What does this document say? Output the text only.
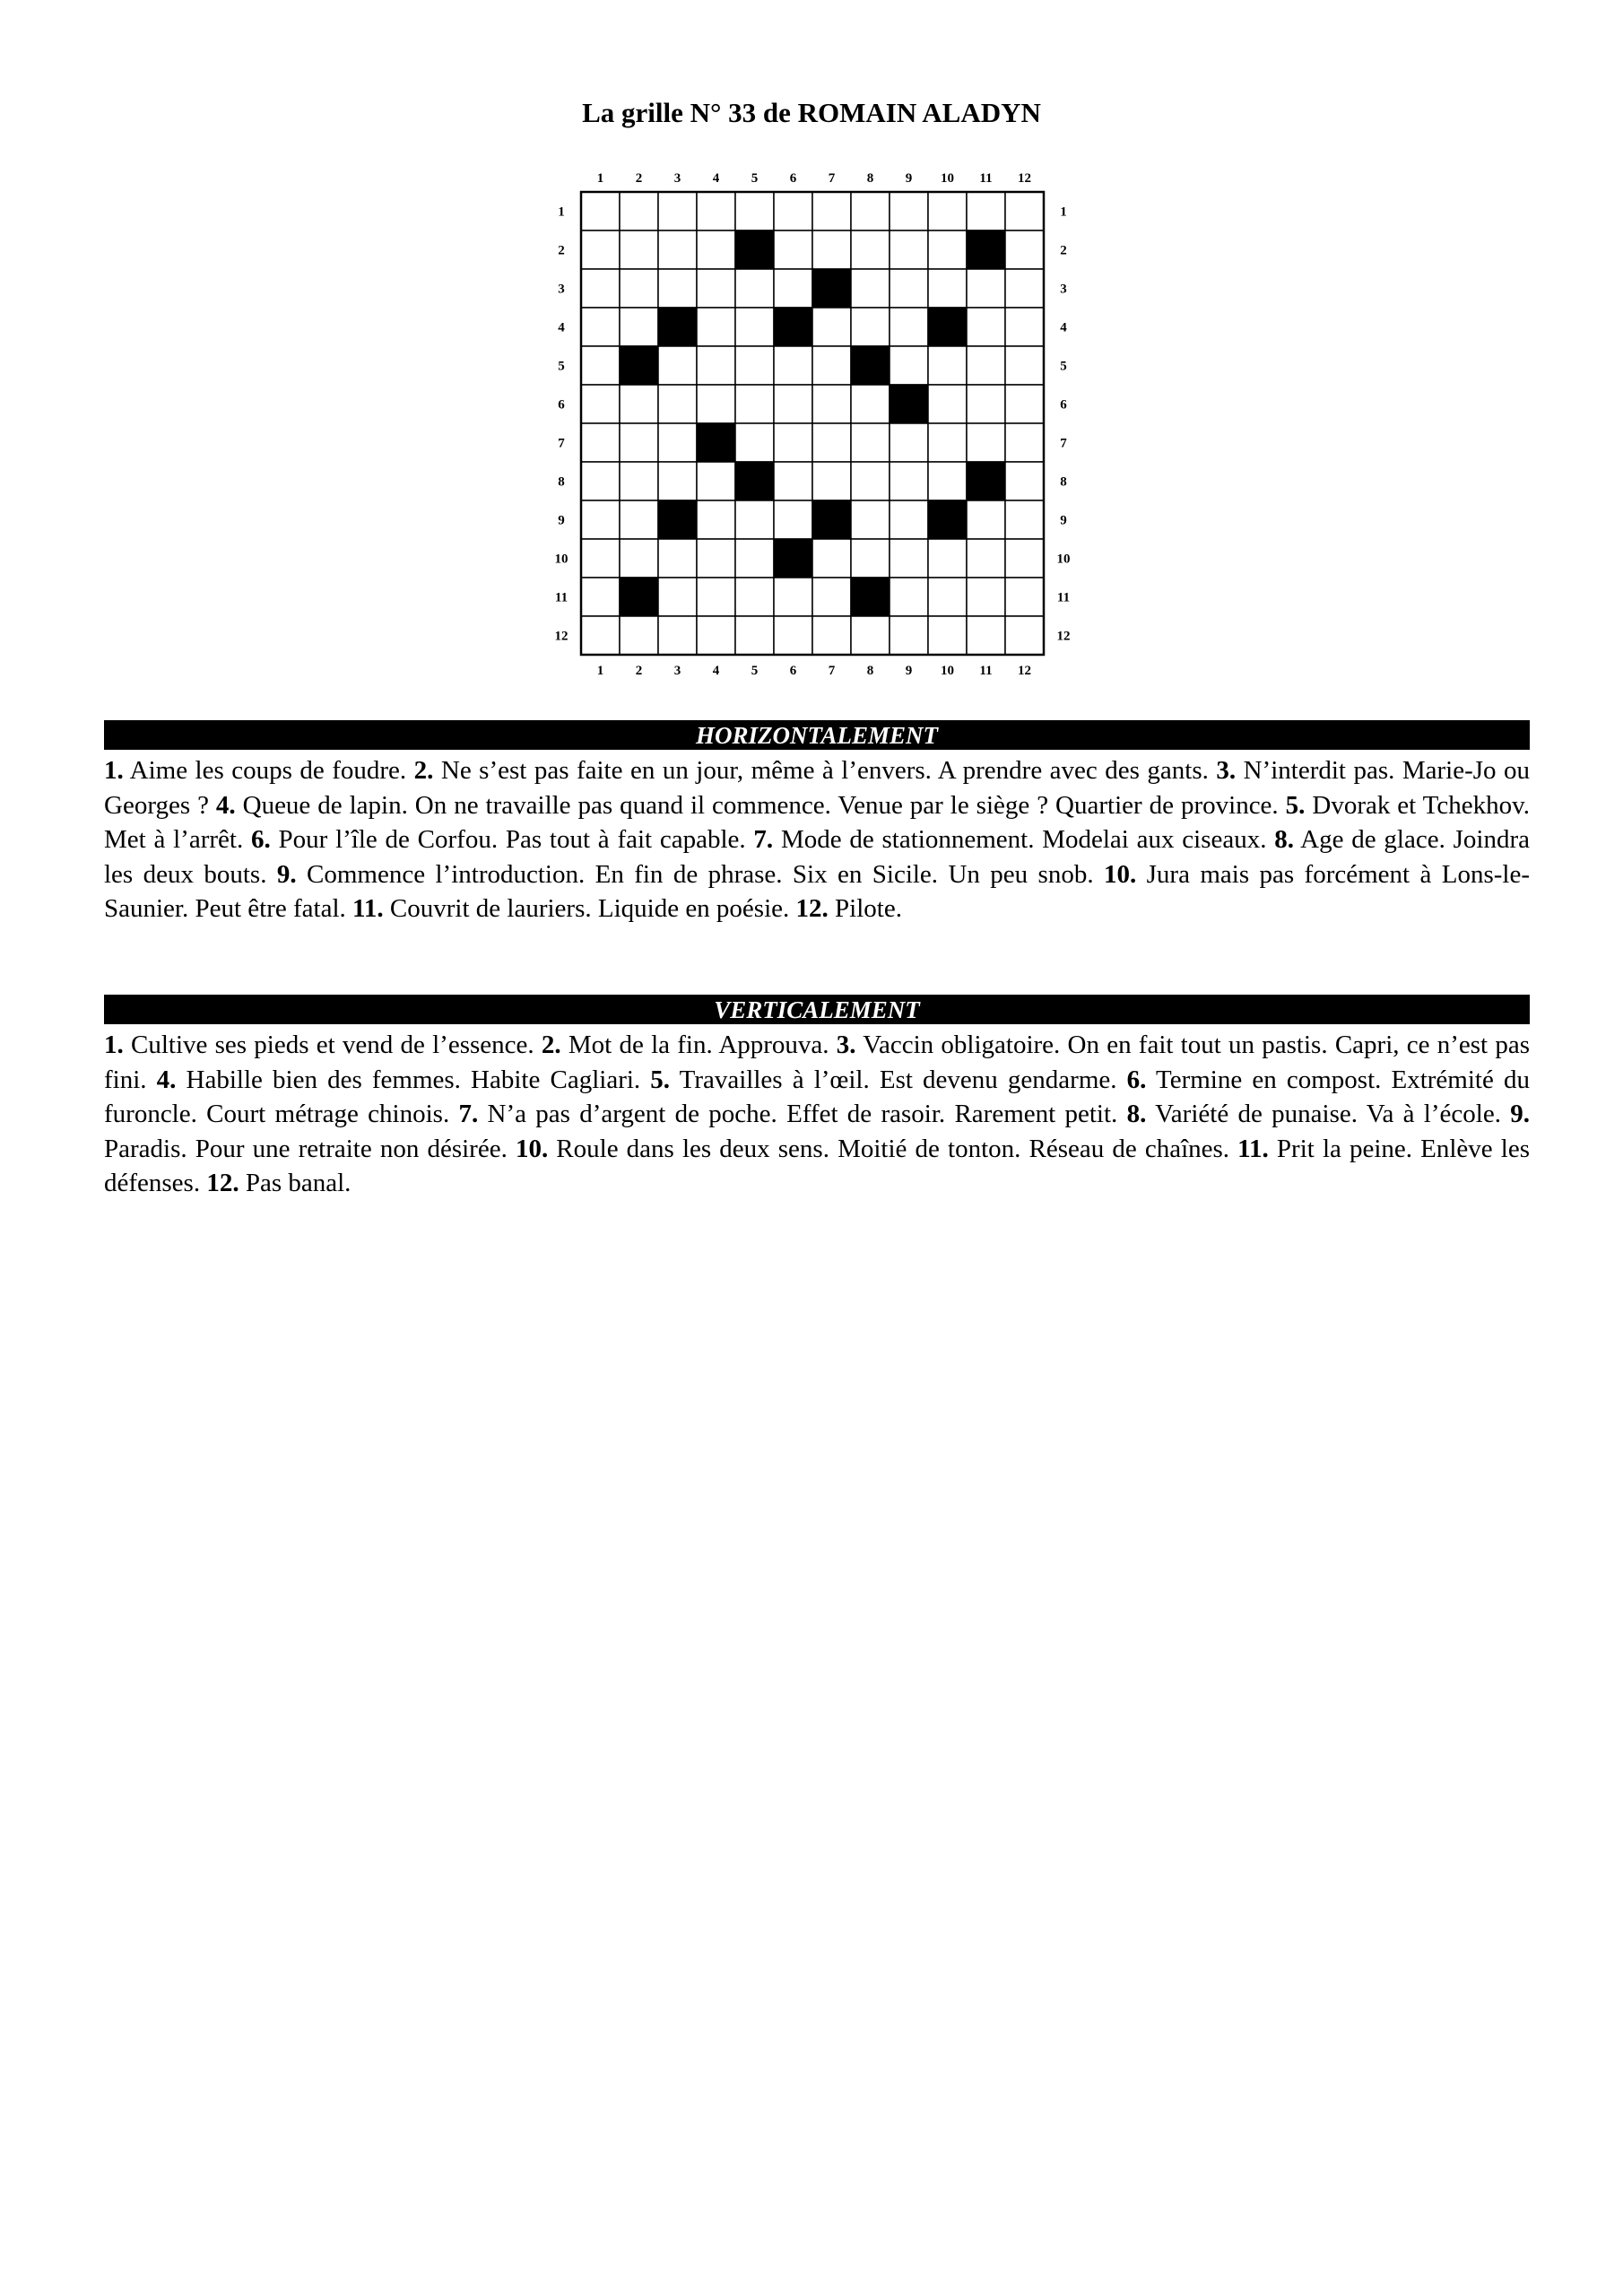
La grille N° 33 de ROMAIN ALADYN
1
1
2
2
3
3
4
4
5
5
6
6
7
7
8
8
9
9
10
10
11
11
12
12
1	1
2	2
3	3
4	4
5	5
6	6
7	7
8	8
9	9
10	10
11	11
12	12
HORIZONTALEMENT
1. Aime les coups de foudre. 2. Ne s’est pas faite en un jour, même à l’envers. A prendre avec des gants. 3. N’interdit pas. Marie-Jo ou Georges ? 4. Queue de lapin. On ne travaille pas quand il commence. Venue par le siège ? Quartier de province. 5. Dvorak et Tchekhov. Met à l’arrêt. 6. Pour l’île de Corfou. Pas tout à fait capable. 7. Mode de stationnement. Modelai aux ciseaux. 8. Age de glace. Joindra les deux bouts. 9. Commence l’introduction. En fin de phrase. Six en Sicile. Un peu snob. 10. Jura mais pas forcément à Lons-le-Saunier. Peut être fatal. 11. Couvrit de lauriers. Liquide en poésie. 12. Pilote.
VERTICALEMENT
1. Cultive ses pieds et vend de l’essence. 2. Mot de la fin. Approuva. 3. Vaccin obligatoire. On en fait tout un pastis. Capri, ce n’est pas fini. 4. Habille bien des femmes. Habite Cagliari. 5. Travailles à l’œil. Est devenu gendarme. 6. Termine en compost. Extrémité du furoncle. Court métrage chinois. 7. N’a pas d’argent de poche. Effet de rasoir. Rarement petit. 8. Variété de punaise. Va à l’école. 9. Paradis. Pour une retraite non désirée. 10. Roule dans les deux sens. Moitié de tonton. Réseau de chaînes. 11. Prit la peine. Enlève les défenses. 12. Pas banal.
